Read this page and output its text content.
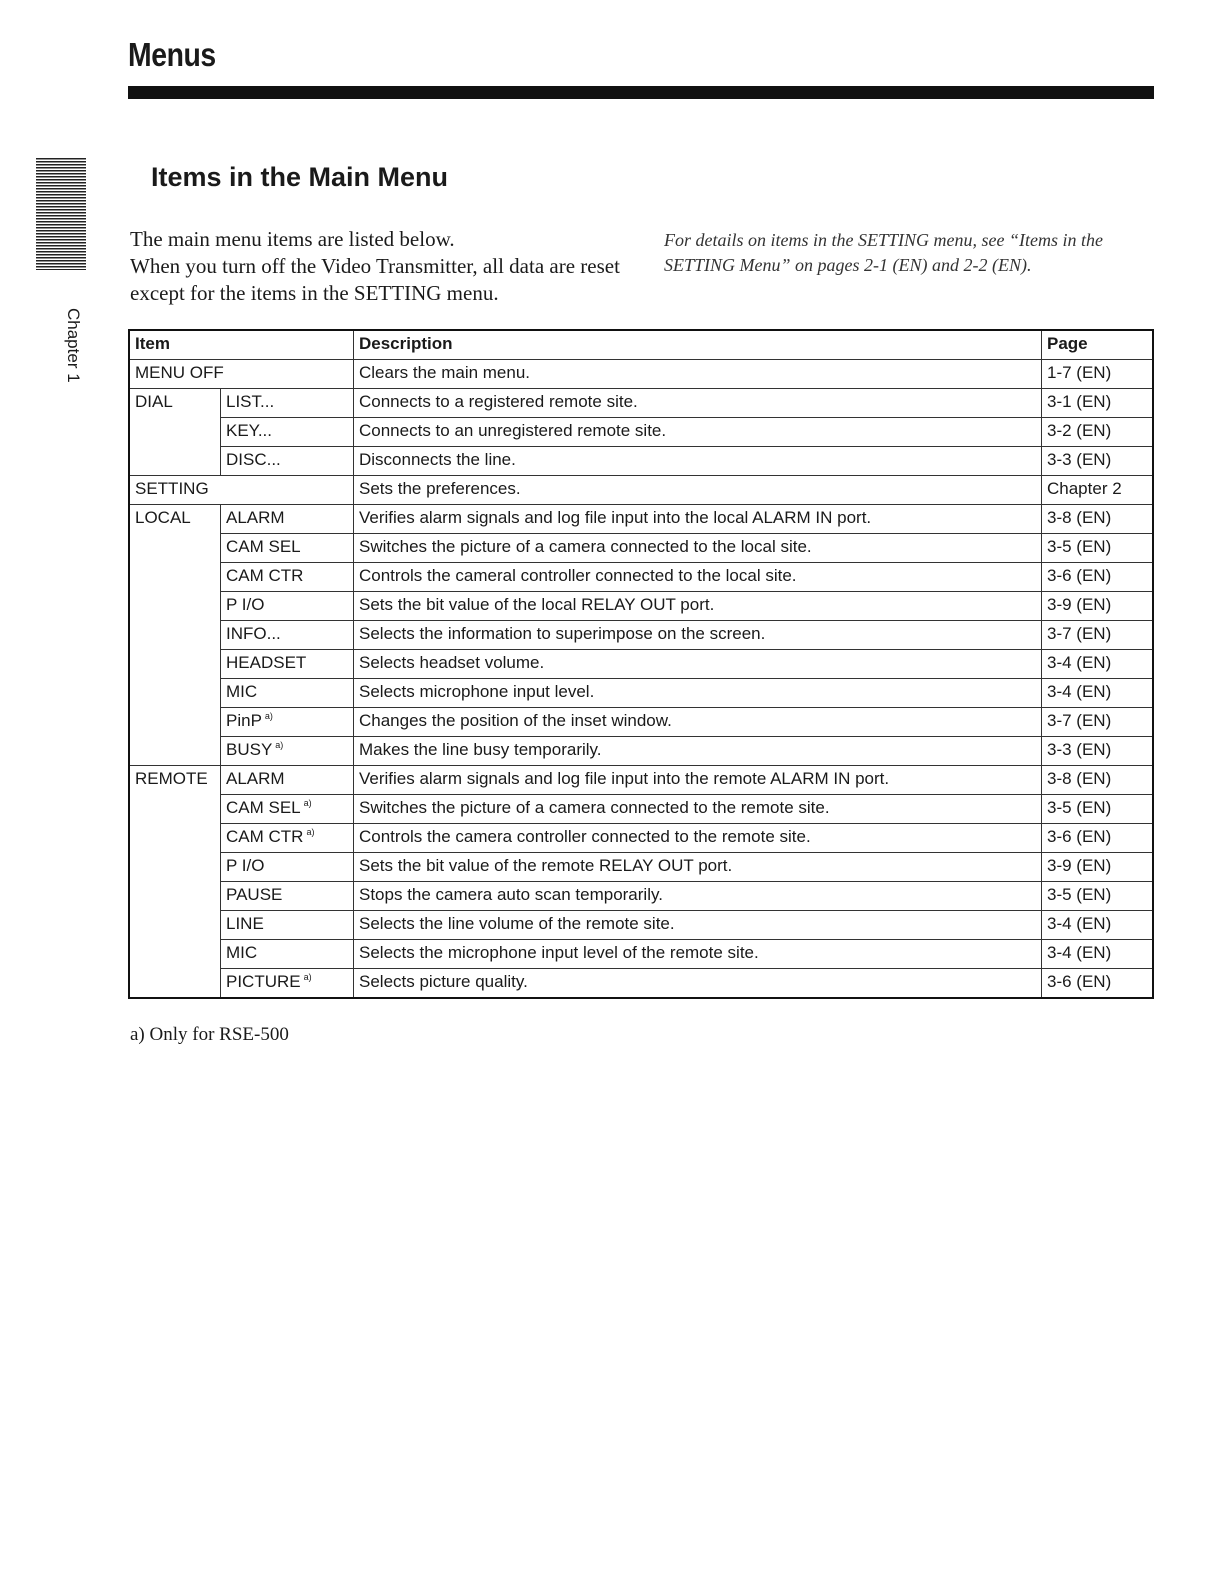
Menus
Chapter 1
Items in the Main Menu

The main menu items are listed below.

When you turn off the Video Transmitter, all data are reset except for the items in the SETTING menu.

For details on items in the SETTING menu, see “Items in the SETTING Menu” on pages 2-1 (EN) and 2-2 (EN).
Item		Description	Page
MENU OFF		Clears the main menu.	1-7 (EN)
DIAL	LIST...	Connects to a registered remote site.	3-1 (EN)
	KEY...	Connects to an unregistered remote site.	3-2 (EN)
	DISC...	Disconnects the line.	3-3 (EN)
SETTING		Sets the preferences.	Chapter 2
LOCAL	ALARM	Verifies alarm signals and log file input into the local ALARM IN port.	3-8 (EN)
	CAM SEL	Switches the picture of a camera connected to the local site.	3-5 (EN)
	CAM CTR	Controls the cameral controller connected to the local site.	3-6 (EN)
	P I/O	Sets the bit value of the local RELAY OUT port.	3-9 (EN)
	INFO...	Selects the information to superimpose on the screen.	3-7 (EN)
	HEADSET	Selects headset volume.	3-4 (EN)
	MIC	Selects microphone input level.	3-4 (EN)
	PinP $^{a)}$	Changes the position of the inset window.	3-7 (EN)
	BUSY $^{a)}$	Makes the line busy temporarily.	3-3 (EN)
REMOTE	ALARM	Verifies alarm signals and log file input into the remote ALARM IN port.	3-8 (EN)
	CAM SEL $^{a)}$	Switches the picture of a camera connected to the remote site.	3-5 (EN)
	CAM CTR $^{a)}$	Controls the camera controller connected to the remote site.	3-6 (EN)
	P I/O	Sets the bit value of the remote RELAY OUT port.	3-9 (EN)
	PAUSE	Stops the camera auto scan temporarily.	3-5 (EN)
	LINE	Selects the line volume of the remote site.	3-4 (EN)
	MIC	Selects the microphone input level of the remote site.	3-4 (EN)
	PICTURE $^{a)}$	Selects picture quality.	3-6 (EN)
a) Only for RSE-500
